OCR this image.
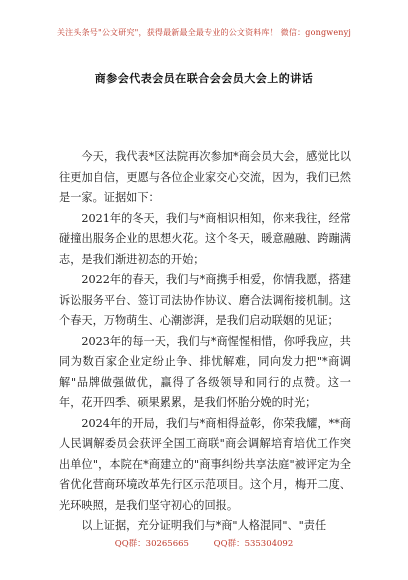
关注头条号"公文研究"，获得最新最全最专业的公文资料库！ 微信：gongwenyj
商参会代表会员在联合会会员大会上的讲话

今天，我代表*区法院再次参加*商会员大会，感觉比以往更加自信，更愿与各位企业家交心交流，因为，我们已然是一家。证据如下：

2021年的冬天，我们与*商相识相知，你来我往，经常碰撞出服务企业的思想火花。这个冬天，暖意融融、跨蹦满志，是我们渐进初态的开始；

2022年的春天，我们与*商携手相爱，你情我愿，搭建诉讼服务平台、签订司法协作协议、磨合法调衔接机制。这个春天，万物萌生、心潮澎湃，是我们启动联姻的见证；

2023年的每一天，我们与*商惺惺相惜，你呼我应，共同为数百家企业定纷止争、排忧解难，同向发力把"*商调解"品牌做强做优，赢得了各级领导和同行的点赞。这一年，花开四季、硕果累累，是我们怀胎分娩的时光；

2024年的开局，我们与*商相得益彰，你荣我耀，**商人民调解委员会获评全国工商联"商会调解培育培优工作突出单位"，本院在*商建立的"商事纠纷共享法庭"被评定为全省优化营商环境改革先行区示范项目。这个月，梅开二度、光环映照，是我们坚守初心的回报。

以上证据，充分证明我们与*商"人格混同"、"责任

QQ群：30265665	QQ群：535304092
